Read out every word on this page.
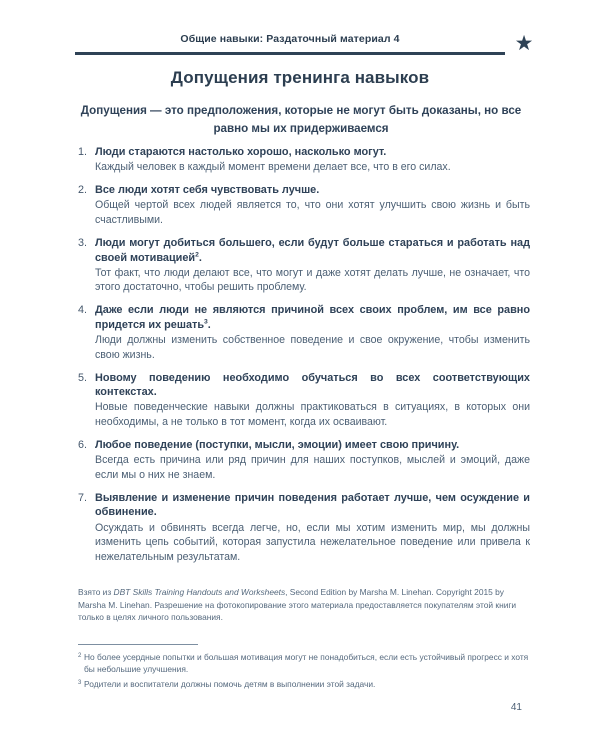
Общие навыки: Раздаточный материал 4	★
Допущения тренинга навыков
Допущения — это предположения, которые не могут быть доказаны, но все равно мы их придерживаемся
1. Люди стараются настолько хорошо, насколько могут.

Каждый человек в каждый момент времени делает все, что в его силах.

2. Все люди хотят себя чувствовать лучше.

Общей чертой всех людей является то, что они хотят улучшить свою жизнь и быть счастливыми.

3. Люди могут добиться большего, если будут больше стараться и работать над своей мотивацией$^2$.

Тот факт, что люди делают все, что могут и даже хотят делать лучше, не означает, что этого достаточно, чтобы решить проблему.

4. Даже если люди не являются причиной всех своих проблем, им все равно придется их решать$^3$.

Люди должны изменить собственное поведение и свое окружение, чтобы изменить свою жизнь.

5. Новому поведению необходимо обучаться во всех соответствующих контекстах.

Новые поведенческие навыки должны практиковаться в ситуациях, в которых они необходимы, а не только в тот момент, когда их осваивают.

6. Любое поведение (поступки, мысли, эмоции) имеет свою причину.

Всегда есть причина или ряд причин для наших поступков, мыслей и эмоций, даже если мы о них не знаем.

7. Выявление и изменение причин поведения работает лучше, чем осуждение и обвинение.

Осуждать и обвинять всегда легче, но, если мы хотим изменить мир, мы должны изменить цепь событий, которая запустила нежелательное поведение или привела к нежелательным результатам.

Взято из DBT Skills Training Handouts and Worksheets, Second Edition by Marsha M. Linehan. Copyright 2015 by Marsha M. Linehan. Разрешение на фотокопирование этого материала предоставляется покупателям этой книги только в целях личного пользования.
2 Но более усердные попытки и большая мотивация могут не понадобиться, если есть устойчивый прогресс и хотя бы небольшие улучшения.
3 Родители и воспитатели должны помочь детям в выполнении этой задачи.
41
